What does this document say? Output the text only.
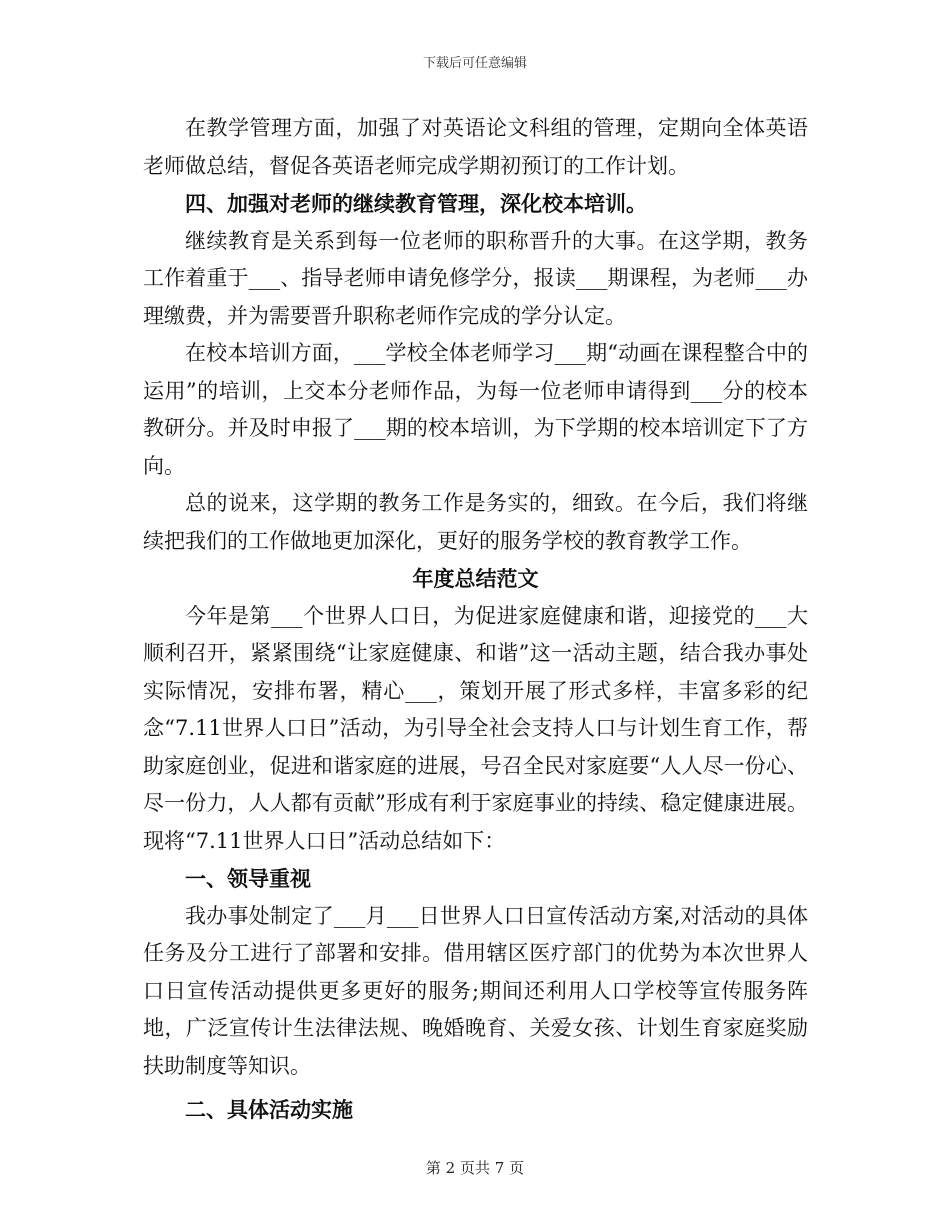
下载后可任意编辑

在教学管理方面，加强了对英语论文科组的管理，定期向全体英语老师做总结，督促各英语老师完成学期初预订的工作计划。

四、加强对老师的继续教育管理，深化校本培训。

继续教育是关系到每一位老师的职称晋升的大事。在这学期，教务工作着重于___、指导老师申请免修学分，报读___期课程，为老师___办理缴费，并为需要晋升职称老师作完成的学分认定。

在校本培训方面，___学校全体老师学习___期“动画在课程整合中的运用”的培训，上交本分老师作品，为每一位老师申请得到___分的校本教研分。并及时申报了___期的校本培训，为下学期的校本培训定下了方向。

总的说来，这学期的教务工作是务实的，细致。在今后，我们将继续把我们的工作做地更加深化，更好的服务学校的教育教学工作。

年度总结范文

今年是第___个世界人口日，为促进家庭健康和谐，迎接党的___大顺利召开，紧紧围绕“让家庭健康、和谐”这一活动主题，结合我办事处实际情况，安排布署，精心___，策划开展了形式多样，丰富多彩的纪念“7.11世界人口日”活动，为引导全社会支持人口与计划生育工作，帮助家庭创业，促进和谐家庭的进展，号召全民对家庭要“人人尽一份心、尽一份力，人人都有贡献”形成有利于家庭事业的持续、稳定健康进展。现将“7.11世界人口日”活动总结如下：

一、领导重视

我办事处制定了___月___日世界人口日宣传活动方案,对活动的具体任务及分工进行了部署和安排。借用辖区医疗部门的优势为本次世界人口日宣传活动提供更多更好的服务;期间还利用人口学校等宣传服务阵地，广泛宣传计生法律法规、晚婚晚育、关爱女孩、计划生育家庭奖励扶助制度等知识。

二、具体活动实施

第 2 页共 7 页
